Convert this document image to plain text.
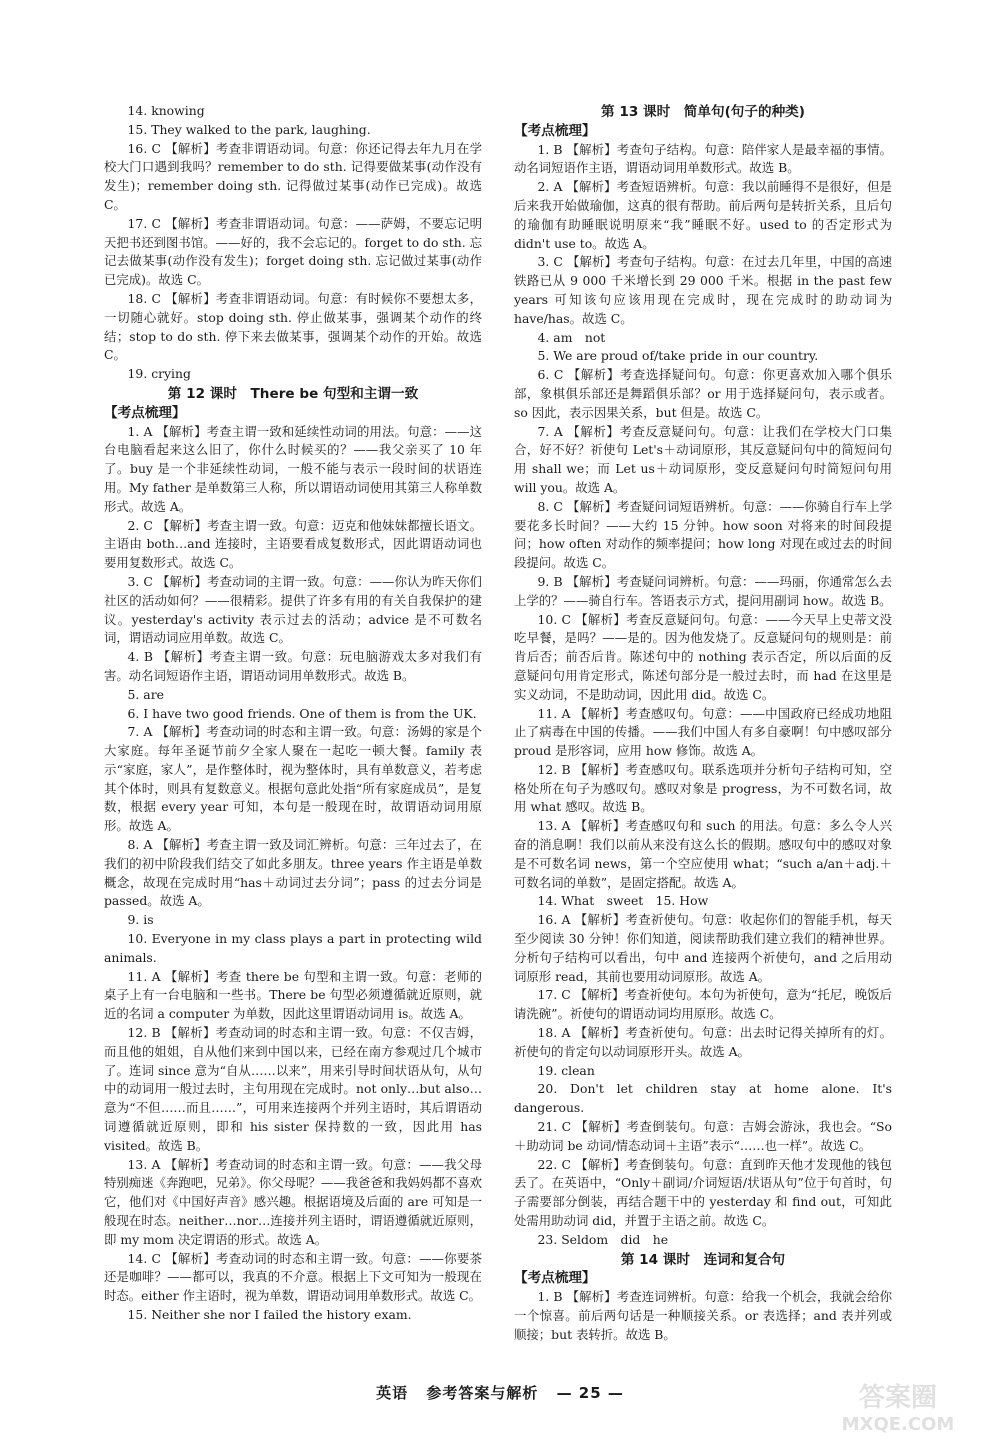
14. knowing

15. They walked to the park, laughing.

16. C 【解析】考查非谓语动词。句意：你还记得去年九月在学校大门口遇到我吗？remember to do sth. 记得要做某事(动作没有发生)；remember doing sth. 记得做过某事(动作已完成)。故选 C。

17. C 【解析】考查非谓语动词。句意：——萨姆，不要忘记明天把书还到图书馆。——好的，我不会忘记的。forget to do sth. 忘记去做某事(动作没有发生)；forget doing sth. 忘记做过某事(动作已完成)。故选 C。

18. C 【解析】考查非谓语动词。句意：有时候你不要想太多，一切随心就好。stop doing sth. 停止做某事，强调某个动作的终结；stop to do sth. 停下来去做某事，强调某个动作的开始。故选 C。

19. crying

第 12 课时　There be 句型和主谓一致
【考点梳理】

1. A 【解析】考查主谓一致和延续性动词的用法。句意：——这台电脑看起来这么旧了，你什么时候买的？——我父亲买了 10 年了。buy 是一个非延续性动词，一般不能与表示一段时间的状语连用。My father 是单数第三人称，所以谓语动词使用其第三人称单数形式。故选 A。

2. C 【解析】考查主谓一致。句意：迈克和他妹妹都擅长语文。主语由 both…and 连接时，主语要看成复数形式，因此谓语动词也要用复数形式。故选 C。

3. C 【解析】考查动词的主谓一致。句意：——你认为昨天你们社区的活动如何？——很精彩。提供了许多有用的有关自我保护的建议。yesterday's activity 表示过去的活动；advice 是不可数名词，谓语动词应用单数。故选 C。

4. B 【解析】考查主谓一致。句意：玩电脑游戏太多对我们有害。动名词短语作主语，谓语动词用单数形式。故选 B。

5. are

6. I have two good friends. One of them is from the UK.

7. A 【解析】考查动词的时态和主谓一致。句意：汤姆的家是个大家庭。每年圣诞节前夕全家人聚在一起吃一顿大餐。family 表示“家庭，家人”，是作整体时，视为整体时，具有单数意义，若考虑其个体时，则具有复数意义。根据句意此处指“所有家庭成员”，是复数，根据 every year 可知，本句是一般现在时，故谓语动词用原形。故选 A。

8. A 【解析】考查主谓一致及词汇辨析。句意：三年过去了，在我们的初中阶段我们结交了如此多朋友。three years 作主语是单数概念，故现在完成时用“has＋动词过去分词”；pass 的过去分词是 passed。故选 A。

9. is

10. Everyone in my class plays a part in protecting wild animals.

11. A 【解析】考查 there be 句型和主谓一致。句意：老师的桌子上有一台电脑和一些书。There be 句型必须遵循就近原则，就近的名词 a computer 为单数，因此这里谓语动词用 is。故选 A。

12. B 【解析】考查动词的时态和主谓一致。句意：不仅吉姆，而且他的姐姐，自从他们来到中国以来，已经在南方参观过几个城市了。连词 since 意为“自从……以来”，用来引导时间状语从句，从句中的动词用一般过去时，主句用现在完成时。not only…but also…意为“不但……而且……”，可用来连接两个并列主语时，其后谓语动词遵循就近原则，即和 his sister 保持数的一致，因此用 has visited。故选 B。

13. A 【解析】考查动词的时态和主谓一致。句意：——我父母特别痴迷《奔跑吧，兄弟》。你父母呢？——我爸爸和我妈妈都不喜欢它，他们对《中国好声音》感兴趣。根据语境及后面的 are 可知是一般现在时态。neither…nor…连接并列主语时，谓语遵循就近原则，即 my mom 决定谓语的形式。故选 A。

14. C 【解析】考查动词的时态和主谓一致。句意：——你要茶还是咖啡？——都可以，我真的不介意。根据上下文可知为一般现在时态。either 作主语时，视为单数，谓语动词用单数形式。故选 C。

15. Neither she nor I failed the history exam.

第 13 课时　简单句(句子的种类)
【考点梳理】

1. B 【解析】考查句子结构。句意：陪伴家人是最幸福的事情。动名词短语作主语，谓语动词用单数形式。故选 B。

2. A 【解析】考查短语辨析。句意：我以前睡得不是很好，但是后来我开始做瑜伽，这真的很有帮助。前后两句是转折关系，且后句的瑜伽有助睡眠说明原来“我”睡眠不好。used to 的否定形式为 didn't use to。故选 A。

3. C 【解析】考查句子结构。句意：在过去几年里，中国的高速铁路已从 9 000 千米增长到 29 000 千米。根据 in the past few years 可知该句应该用现在完成时，现在完成时的助动词为 have/has。故选 C。

4. am　not

5. We are proud of/take pride in our country.

6. C 【解析】考查选择疑问句。句意：你更喜欢加入哪个俱乐部，象棋俱乐部还是舞蹈俱乐部？or 用于选择疑问句，表示或者。so 因此，表示因果关系，but 但是。故选 C。

7. A 【解析】考查反意疑问句。句意：让我们在学校大门口集合，好不好？祈使句 Let's＋动词原形，其反意疑问句中的简短问句用 shall we；而 Let us＋动词原形，变反意疑问句时简短问句用 will you。故选 A。

8. C 【解析】考查疑问词短语辨析。句意：——你骑自行车上学要花多长时间？——大约 15 分钟。how soon 对将来的时间段提问；how often 对动作的频率提问；how long 对现在或过去的时间段提问。故选 C。

9. B 【解析】考查疑问词辨析。句意：——玛丽，你通常怎么去上学的？——骑自行车。答语表示方式，提问用副词 how。故选 B。

10. C 【解析】考查反意疑问句。句意：——今天早上史蒂文没吃早餐，是吗？——是的。因为他发烧了。反意疑问句的规则是：前肯后否；前否后肯。陈述句中的 nothing 表示否定，所以后面的反意疑问句用肯定形式，陈述句部分是一般过去时，而 had 在这里是实义动词，不是助动词，因此用 did。故选 C。

11. A 【解析】考查感叹句。句意：——中国政府已经成功地阻止了病毒在中国的传播。——我们中国人有多自豪啊！句中感叹部分 proud 是形容词，应用 how 修饰。故选 A。

12. B 【解析】考查感叹句。联系选项并分析句子结构可知，空格处所在句子为感叹句。感叹对象是 progress，为不可数名词，故用 what 感叹。故选 B。

13. A 【解析】考查感叹句和 such 的用法。句意：多么令人兴奋的消息啊！我们以前从来没有这么长的假期。感叹句中的感叹对象是不可数名词 news，第一个空应使用 what；“such a/an＋adj.＋可数名词的单数”，是固定搭配。故选 A。

14. What　sweet　15. How

16. A 【解析】考查祈使句。句意：收起你们的智能手机，每天至少阅读 30 分钟！你们知道，阅读帮助我们建立我们的精神世界。分析句子结构可以看出，句中 and 连接两个祈使句，and 之后用动词原形 read，其前也要用动词原形。故选 A。

17. C 【解析】考查祈使句。本句为祈使句，意为“托尼，晚饭后请洗碗”。祈使句的谓语动词均用原形。故选 C。

18. A 【解析】考查祈使句。句意：出去时记得关掉所有的灯。祈使句的肯定句以动词原形开头。故选 A。

19. clean

20. Don't let children stay at home alone. It's dangerous.

21. C 【解析】考查倒装句。句意：吉姆会游泳，我也会。“So＋助动词 be 动词/情态动词＋主语”表示“……也一样”。故选 C。

22. C 【解析】考查倒装句。句意：直到昨天他才发现他的钱包丢了。在英语中，“Only＋副词/介词短语/状语从句”位于句首时，句子需要部分倒装，再结合题干中的 yesterday 和 find out，可知此处需用助动词 did，并置于主语之前。故选 C。

23. Seldom　did　he

第 14 课时　连词和复合句
【考点梳理】

1. B 【解析】考查连词辨析。句意：给我一个机会，我就会给你一个惊喜。前后两句话是一种顺接关系。or 表选择；and 表并列或顺接；but 表转折。故选 B。

英语 参考答案与解析 — 25 —	答案圈
MXQE.COM
